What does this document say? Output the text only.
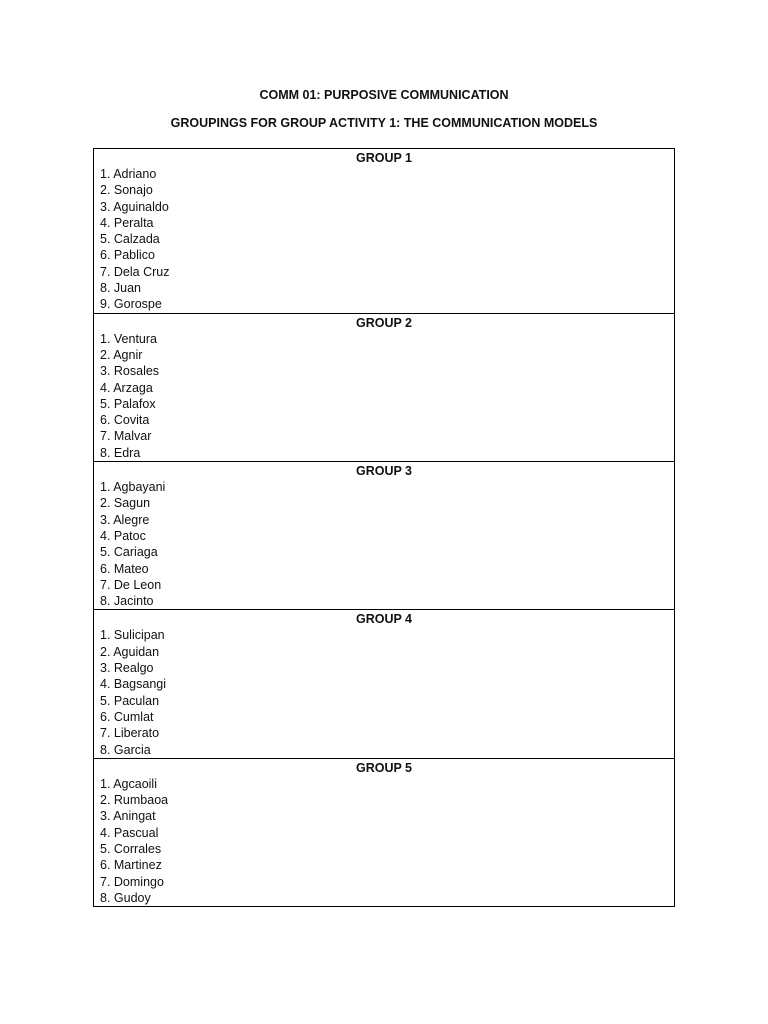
COMM 01: PURPOSIVE COMMUNICATION
GROUPINGS FOR GROUP ACTIVITY 1: THE COMMUNICATION MODELS
GROUP 1
1. Adriano
2. Sonajo
3. Aguinaldo
4. Peralta
5. Calzada
6. Pablico
7. Dela Cruz
8. Juan
9. Gorospe
GROUP 2
1. Ventura
2. Agnir
3. Rosales
4. Arzaga
5. Palafox
6. Covita
7. Malvar
8. Edra
GROUP 3
1. Agbayani
2. Sagun
3. Alegre
4. Patoc
5. Cariaga
6. Mateo
7. De Leon
8. Jacinto
GROUP 4
1. Sulicipan
2. Aguidan
3. Realgo
4. Bagsangi
5. Paculan
6. Cumlat
7. Liberato
8. Garcia
GROUP 5
1. Agcaoili
2. Rumbaoa
3. Aningat
4. Pascual
5. Corrales
6. Martinez
7. Domingo
8. Gudoy
